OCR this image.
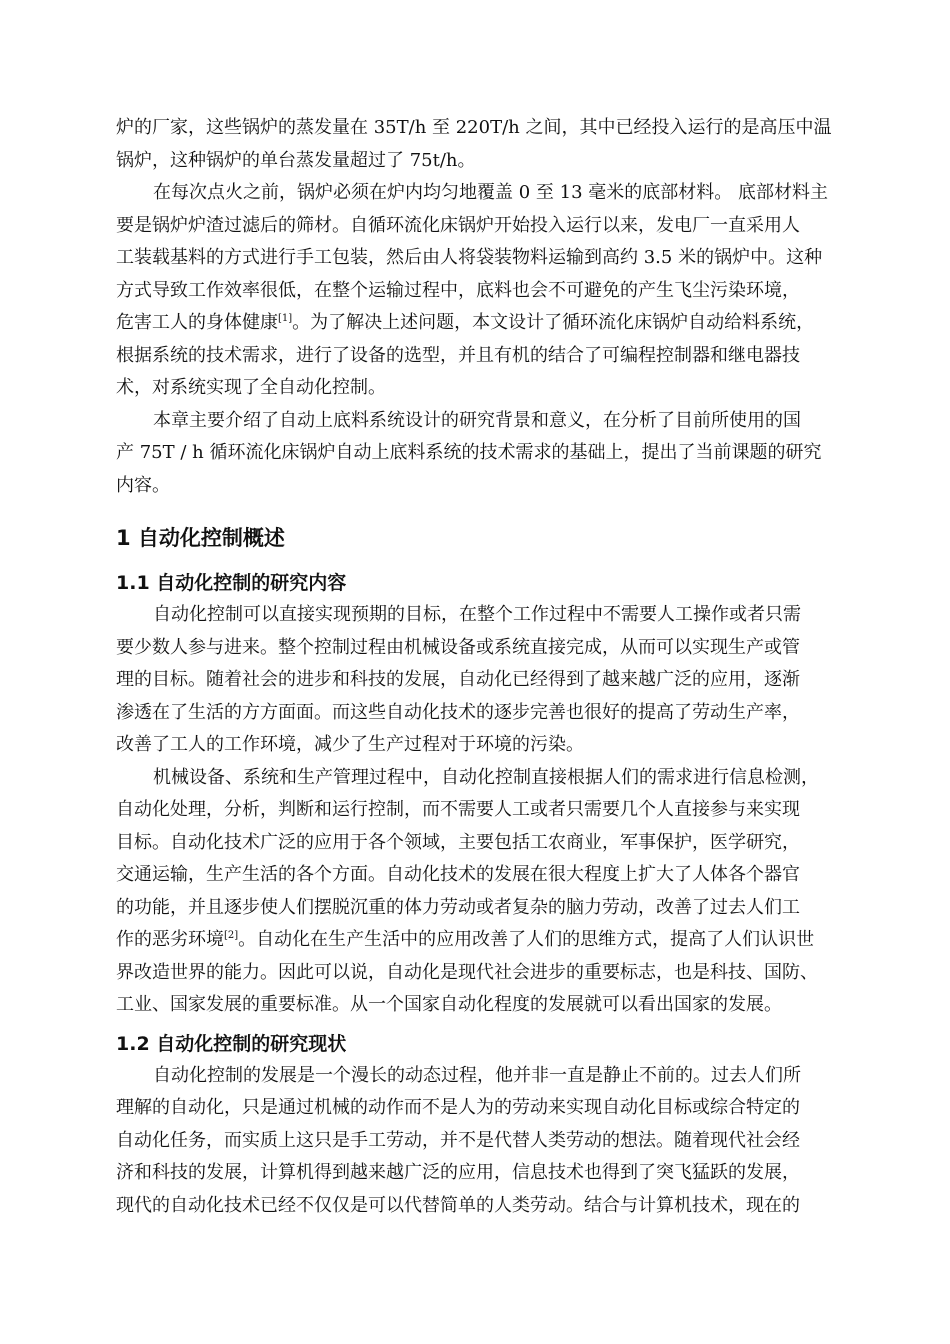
炉的厂家，这些锅炉的蒸发量在 35T/h 至 220T/h 之间，其中已经投入运行的是高压中温
锅炉，这种锅炉的单台蒸发量超过了 75t/h。

在每次点火之前，锅炉必须在炉内均匀地覆盖 0 至 13 毫米的底部材料。 底部材料主
要是锅炉炉渣过滤后的筛材。自循环流化床锅炉开始投入运行以来，发电厂一直采用人
工装载基料的方式进行手工包装，然后由人将袋装物料运输到高约 3.5 米的锅炉中。这种
方式导致工作效率很低，在整个运输过程中，底料也会不可避免的产生飞尘污染环境，
危害工人的身体健康[1]。为了解决上述问题，本文设计了循环流化床锅炉自动给料系统，
根据系统的技术需求，进行了设备的选型，并且有机的结合了可编程控制器和继电器技
术，对系统实现了全自动化控制。

本章主要介绍了自动上底料系统设计的研究背景和意义，在分析了目前所使用的国
产 75T / h 循环流化床锅炉自动上底料系统的技术需求的基础上，提出了当前课题的研究
内容。

1 自动化控制概述
1.1 自动化控制的研究内容

自动化控制可以直接实现预期的目标，在整个工作过程中不需要人工操作或者只需
要少数人参与进来。整个控制过程由机械设备或系统直接完成，从而可以实现生产或管
理的目标。随着社会的进步和科技的发展，自动化已经得到了越来越广泛的应用，逐渐
渗透在了生活的方方面面。而这些自动化技术的逐步完善也很好的提高了劳动生产率，
改善了工人的工作环境，减少了生产过程对于环境的污染。

机械设备、系统和生产管理过程中，自动化控制直接根据人们的需求进行信息检测，
自动化处理，分析，判断和运行控制，而不需要人工或者只需要几个人直接参与来实现
目标。自动化技术广泛的应用于各个领域，主要包括工农商业，军事保护，医学研究，
交通运输，生产生活的各个方面。自动化技术的发展在很大程度上扩大了人体各个器官
的功能，并且逐步使人们摆脱沉重的体力劳动或者复杂的脑力劳动，改善了过去人们工
作的恶劣环境[2]。自动化在生产生活中的应用改善了人们的思维方式，提高了人们认识世
界改造世界的能力。因此可以说，自动化是现代社会进步的重要标志，也是科技、国防、
工业、国家发展的重要标准。从一个国家自动化程度的发展就可以看出国家的发展。

1.2 自动化控制的研究现状

自动化控制的发展是一个漫长的动态过程，他并非一直是静止不前的。过去人们所
理解的自动化，只是通过机械的动作而不是人为的劳动来实现自动化目标或综合特定的
自动化任务，而实质上这只是手工劳动，并不是代替人类劳动的想法。随着现代社会经
济和科技的发展，计算机得到越来越广泛的应用，信息技术也得到了突飞猛跃的发展，
现代的自动化技术已经不仅仅是可以代替简单的人类劳动。结合与计算机技术，现在的
